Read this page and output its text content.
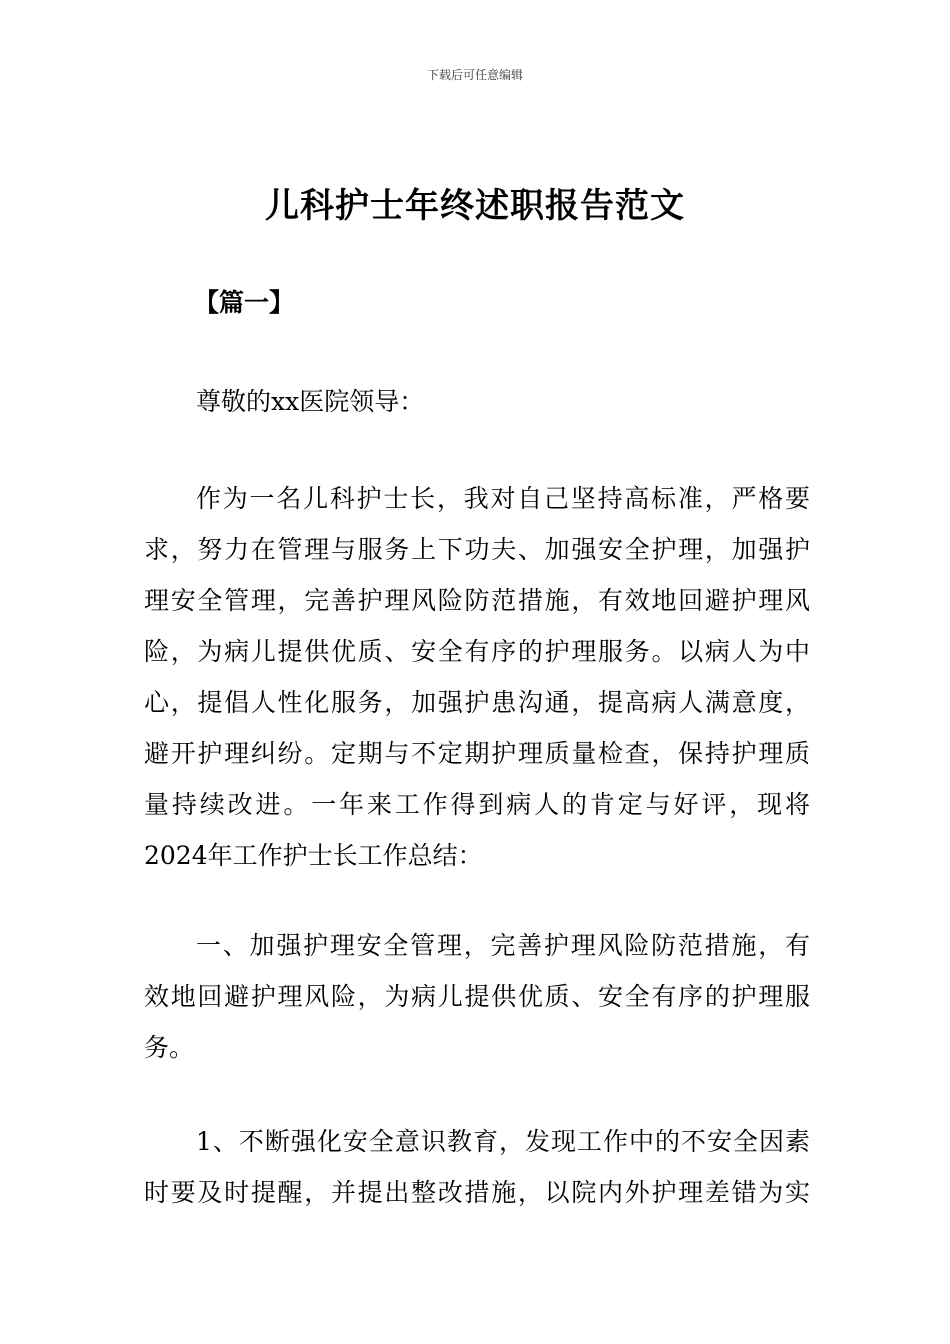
下载后可任意编辑
儿科护士年终述职报告范文
【篇一】
尊敬的xx医院领导：
作为一名儿科护士长，我对自己坚持高标准，严格要
求，努力在管理与服务上下功夫、加强安全护理，加强护
理安全管理，完善护理风险防范措施，有效地回避护理风
险，为病儿提供优质、安全有序的护理服务。以病人为中
心，提倡人性化服务，加强护患沟通，提高病人满意度，
避开护理纠纷。定期与不定期护理质量检查，保持护理质
量持续改进。一年来工作得到病人的肯定与好评，现将
2024年工作护士长工作总结：
一、加强护理安全管理，完善护理风险防范措施，有
效地回避护理风险，为病儿提供优质、安全有序的护理服
务。
1、不断强化安全意识教育，发现工作中的不安全因素
时要及时提醒，并提出整改措施，以院内外护理差错为实
